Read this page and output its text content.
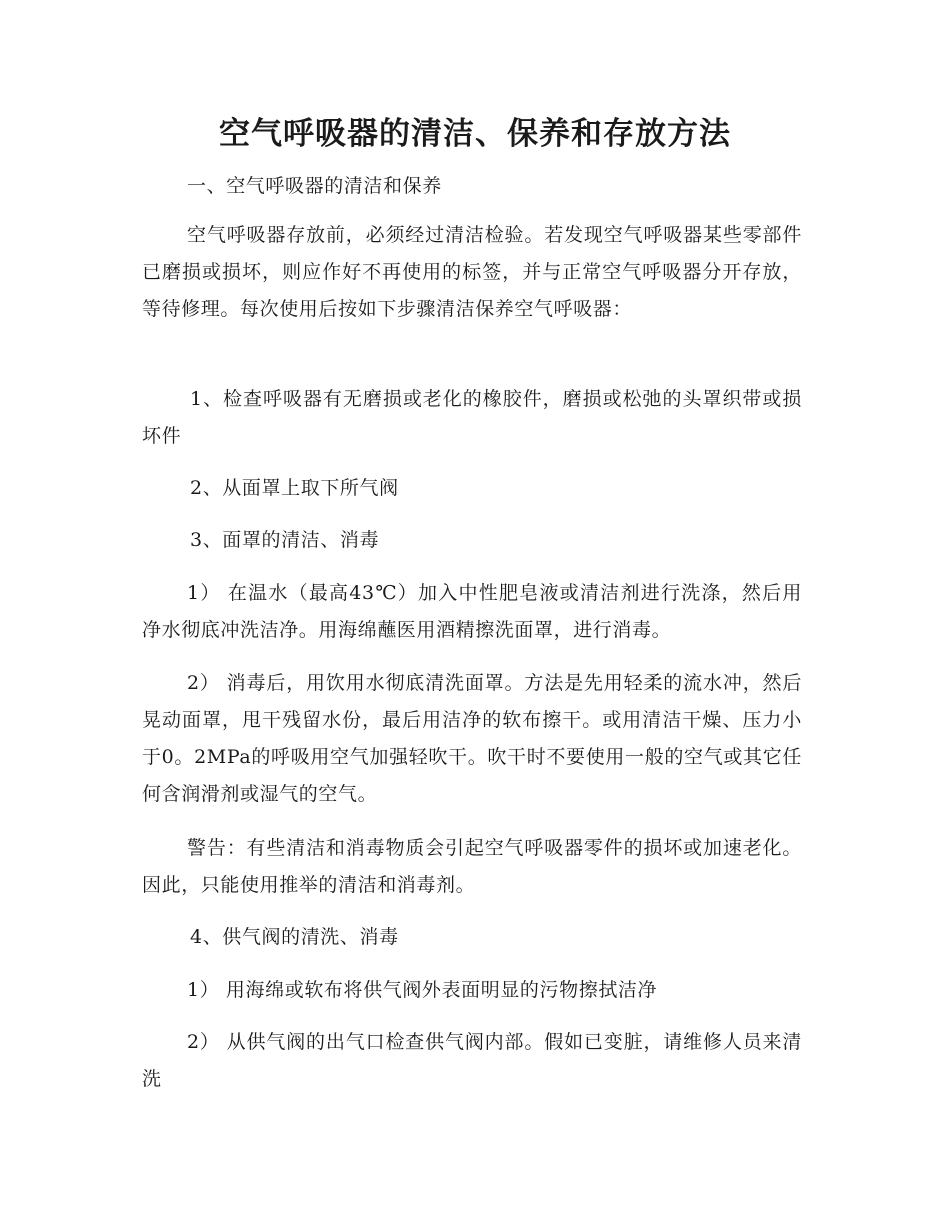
空气呼吸器的清洁、保养和存放方法

一、空气呼吸器的清洁和保养

空气呼吸器存放前，必须经过清洁检验。若发现空气呼吸器某些零部件已磨损或损坏，则应作好不再使用的标签，并与正常空气呼吸器分开存放，等待修理。每次使用后按如下步骤清洁保养空气呼吸器：

1、检查呼吸器有无磨损或老化的橡胶件，磨损或松弛的头罩织带或损坏件

2、从面罩上取下所气阀

3、面罩的清洁、消毒

1） 在温水（最高43℃）加入中性肥皂液或清洁剂进行洗涤，然后用净水彻底冲洗洁净。用海绵蘸医用酒精擦洗面罩，进行消毒。

2） 消毒后，用饮用水彻底清洗面罩。方法是先用轻柔的流水冲，然后晃动面罩，甩干残留水份，最后用洁净的软布擦干。或用清洁干燥、压力小于0。2MPa的呼吸用空气加强轻吹干。吹干时不要使用一般的空气或其它任何含润滑剂或湿气的空气。

警告：有些清洁和消毒物质会引起空气呼吸器零件的损坏或加速老化。因此，只能使用推举的清洁和消毒剂。

4、供气阀的清洗、消毒

1） 用海绵或软布将供气阀外表面明显的污物擦拭洁净

2） 从供气阀的出气口检查供气阀内部。假如已变脏，请维修人员来清洗
